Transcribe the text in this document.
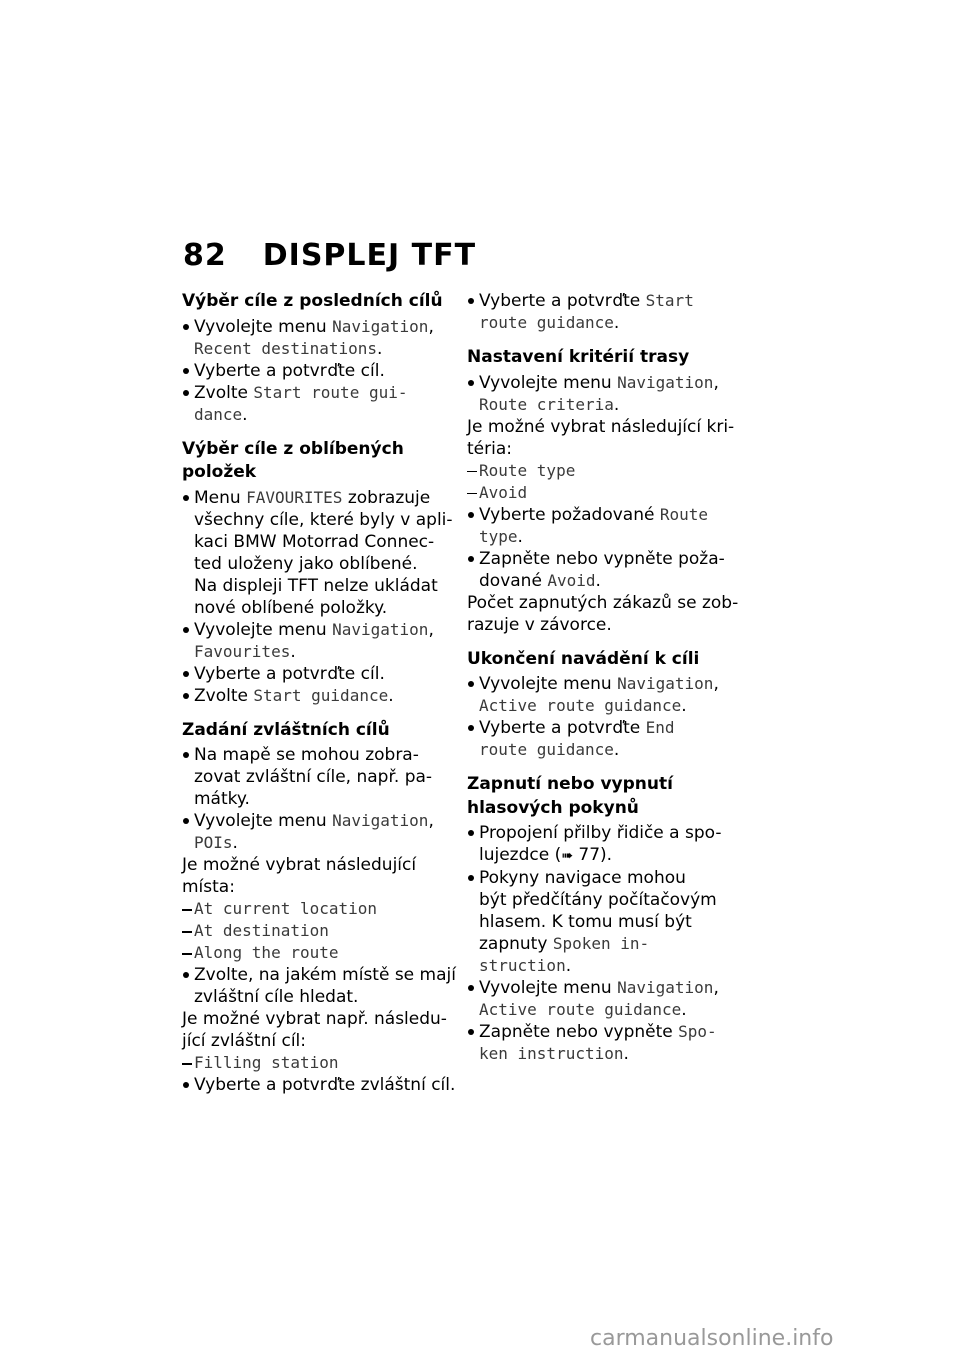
82 DISPLEJ TFT
Výběr cíle z posledních cílů
Vyvolejte menu Navigation,
Recent destinations.
Vyberte a potvrďte cíl.
Zvolte Start route gui-
dance.
Výběr cíle z oblíbených
položek
Menu FAVOURITES zobrazuje
všechny cíle, které byly v apli-
kaci BMW Motorrad Connec-
ted uloženy jako oblíbené.
Na displeji TFT nelze ukládat
nové oblíbené položky.
Vyvolejte menu Navigation,
Favourites.
Vyberte a potvrďte cíl.
Zvolte Start guidance.
Zadání zvláštních cílů
Na mapě se mohou zobra-
zovat zvláštní cíle, např. pa-
mátky.
Vyvolejte menu Navigation,
POIs.
Je možné vybrat následující
místa:
At current location
At destination
Along the route
Zvolte, na jakém místě se mají
zvláštní cíle hledat.
Je možné vybrat např. následu-
jící zvláštní cíl:
Filling station
Vyberte a potvrďte zvláštní cíl.
Vyberte a potvrďte Start
route guidance.
Nastavení kritérií trasy
Vyvolejte menu Navigation,
Route criteria.
Je možné vybrat následující kri-
téria:
Route type
Avoid
Vyberte požadované Route
type.
Zapněte nebo vypněte poža-
dované Avoid.
Počet zapnutých zákazů se zob-
razuje v závorce.
Ukončení navádění k cíli
Vyvolejte menu Navigation,
Active route guidance.
Vyberte a potvrďte End
route guidance.
Zapnutí nebo vypnutí
hlasových pokynů
Propojení přilby řidiče a spo-
lujezdce (➠ 77).
Pokyny navigace mohou
být předčítány počítačovým
hlasem. K tomu musí být
zapnuty Spoken in-
struction.
Vyvolejte menu Navigation,
Active route guidance.
Zapněte nebo vypněte Spo-
ken instruction.
carmanualsonline.info
